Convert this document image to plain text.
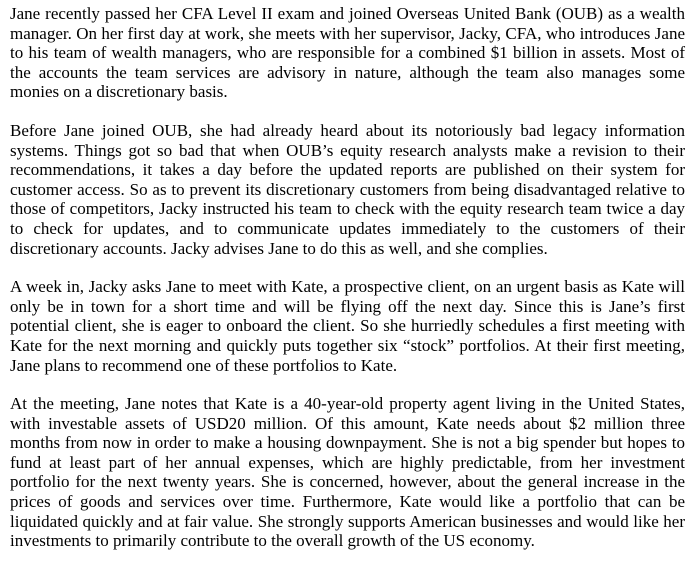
Jane recently passed her CFA Level II exam and joined Overseas United Bank (OUB) as a wealth manager. On her first day at work, she meets with her supervisor, Jacky, CFA, who introduces Jane to his team of wealth managers, who are responsible for a combined $1 billion in assets. Most of the accounts the team services are advisory in nature, although the team also manages some monies on a discretionary basis.

Before Jane joined OUB, she had already heard about its notoriously bad legacy information systems. Things got so bad that when OUB’s equity research analysts make a revision to their recommendations, it takes a day before the updated reports are published on their system for customer access. So as to prevent its discretionary customers from being disadvantaged relative to those of competitors, Jacky instructed his team to check with the equity research team twice a day to check for updates, and to communicate updates immediately to the customers of their discretionary accounts. Jacky advises Jane to do this as well, and she complies.

A week in, Jacky asks Jane to meet with Kate, a prospective client, on an urgent basis as Kate will only be in town for a short time and will be flying off the next day. Since this is Jane’s first potential client, she is eager to onboard the client. So she hurriedly schedules a first meeting with Kate for the next morning and quickly puts together six “stock” portfolios. At their first meeting, Jane plans to recommend one of these portfolios to Kate.

At the meeting, Jane notes that Kate is a 40-year-old property agent living in the United States, with investable assets of USD20 million. Of this amount, Kate needs about $2 million three months from now in order to make a housing downpayment. She is not a big spender but hopes to fund at least part of her annual expenses, which are highly predictable, from her investment portfolio for the next twenty years. She is concerned, however, about the general increase in the prices of goods and services over time. Furthermore, Kate would like a portfolio that can be liquidated quickly and at fair value. She strongly supports American businesses and would like her investments to primarily contribute to the overall growth of the US economy.
